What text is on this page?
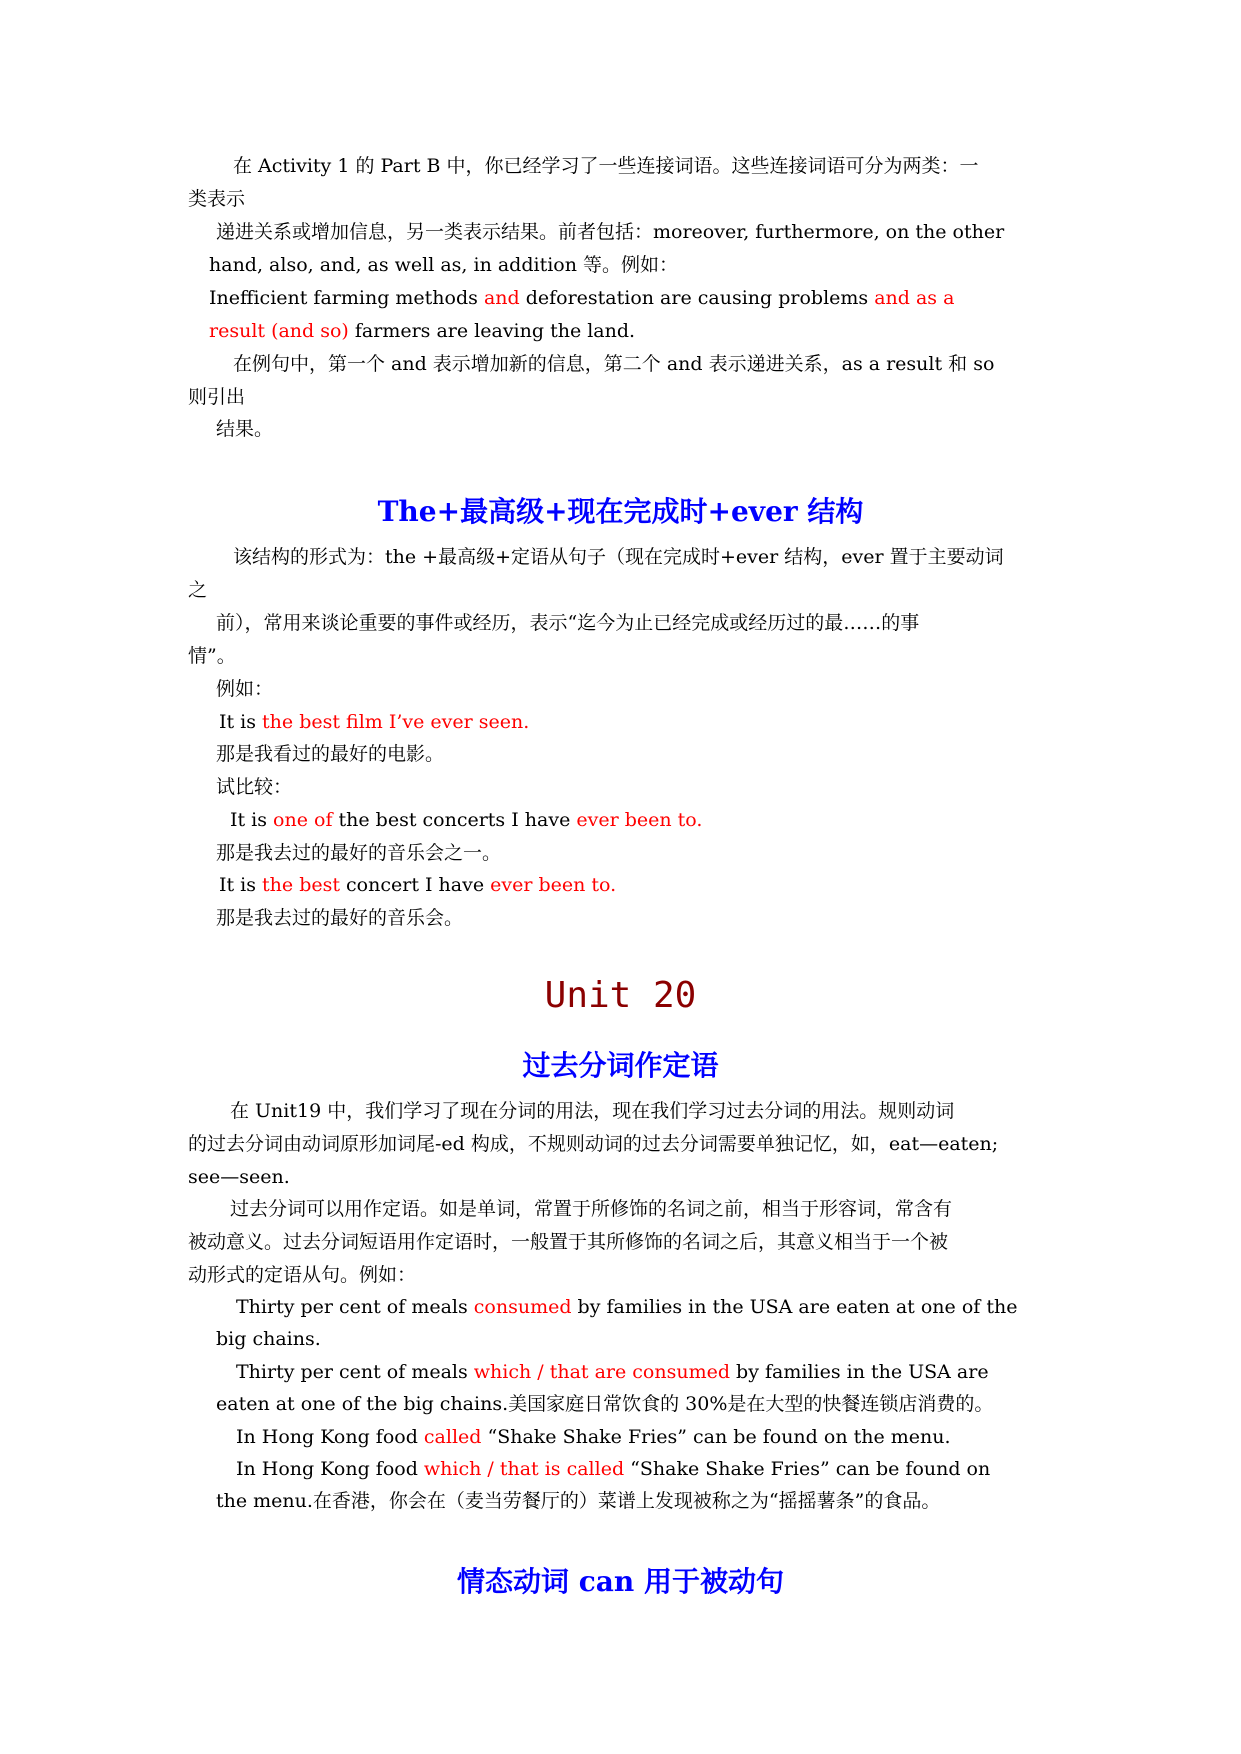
在 Activity 1 的 Part B 中，你已经学习了一些连接词语。这些连接词语可分为两类：一
类表示
递进关系或增加信息，另一类表示结果。前者包括：moreover, furthermore, on the other
hand, also, and, as well as, in addition 等。例如：
Inefficient farming methods and deforestation are causing problems and as a
result (and so) farmers are leaving the land.
在例句中，第一个 and 表示增加新的信息，第二个 and 表示递进关系，as a result 和 so
则引出
结果。
The+最高级+现在完成时+ever 结构
该结构的形式为：the +最高级+定语从句子（现在完成时+ever 结构，ever 置于主要动词
之
前），常用来谈论重要的事件或经历，表示“迄今为止已经完成或经历过的最……的事
情”。
例如：
It is the best film I’ve ever seen.
那是我看过的最好的电影。
试比较：
It is one of the best concerts I have ever been to.
那是我去过的最好的音乐会之一。
It is the best concert I have ever been to.
那是我去过的最好的音乐会。
Unit 20
过去分词作定语
在 Unit19 中，我们学习了现在分词的用法，现在我们学习过去分词的用法。规则动词
的过去分词由动词原形加词尾-ed 构成，不规则动词的过去分词需要单独记忆，如，eat—eaten;
see—seen.
过去分词可以用作定语。如是单词，常置于所修饰的名词之前，相当于形容词，常含有
被动意义。过去分词短语用作定语时，一般置于其所修饰的名词之后，其意义相当于一个被
动形式的定语从句。例如：
Thirty per cent of meals consumed by families in the USA are eaten at one of the
big chains.
Thirty per cent of meals which / that are consumed by families in the USA are
eaten at one of the big chains.美国家庭日常饮食的 30%是在大型的快餐连锁店消费的。
In Hong Kong food called “Shake Shake Fries” can be found on the menu.
In Hong Kong food which / that is called “Shake Shake Fries” can be found on
the menu.在香港，你会在（麦当劳餐厅的）菜谱上发现被称之为“摇摇薯条”的食品。
情态动词 can 用于被动句
